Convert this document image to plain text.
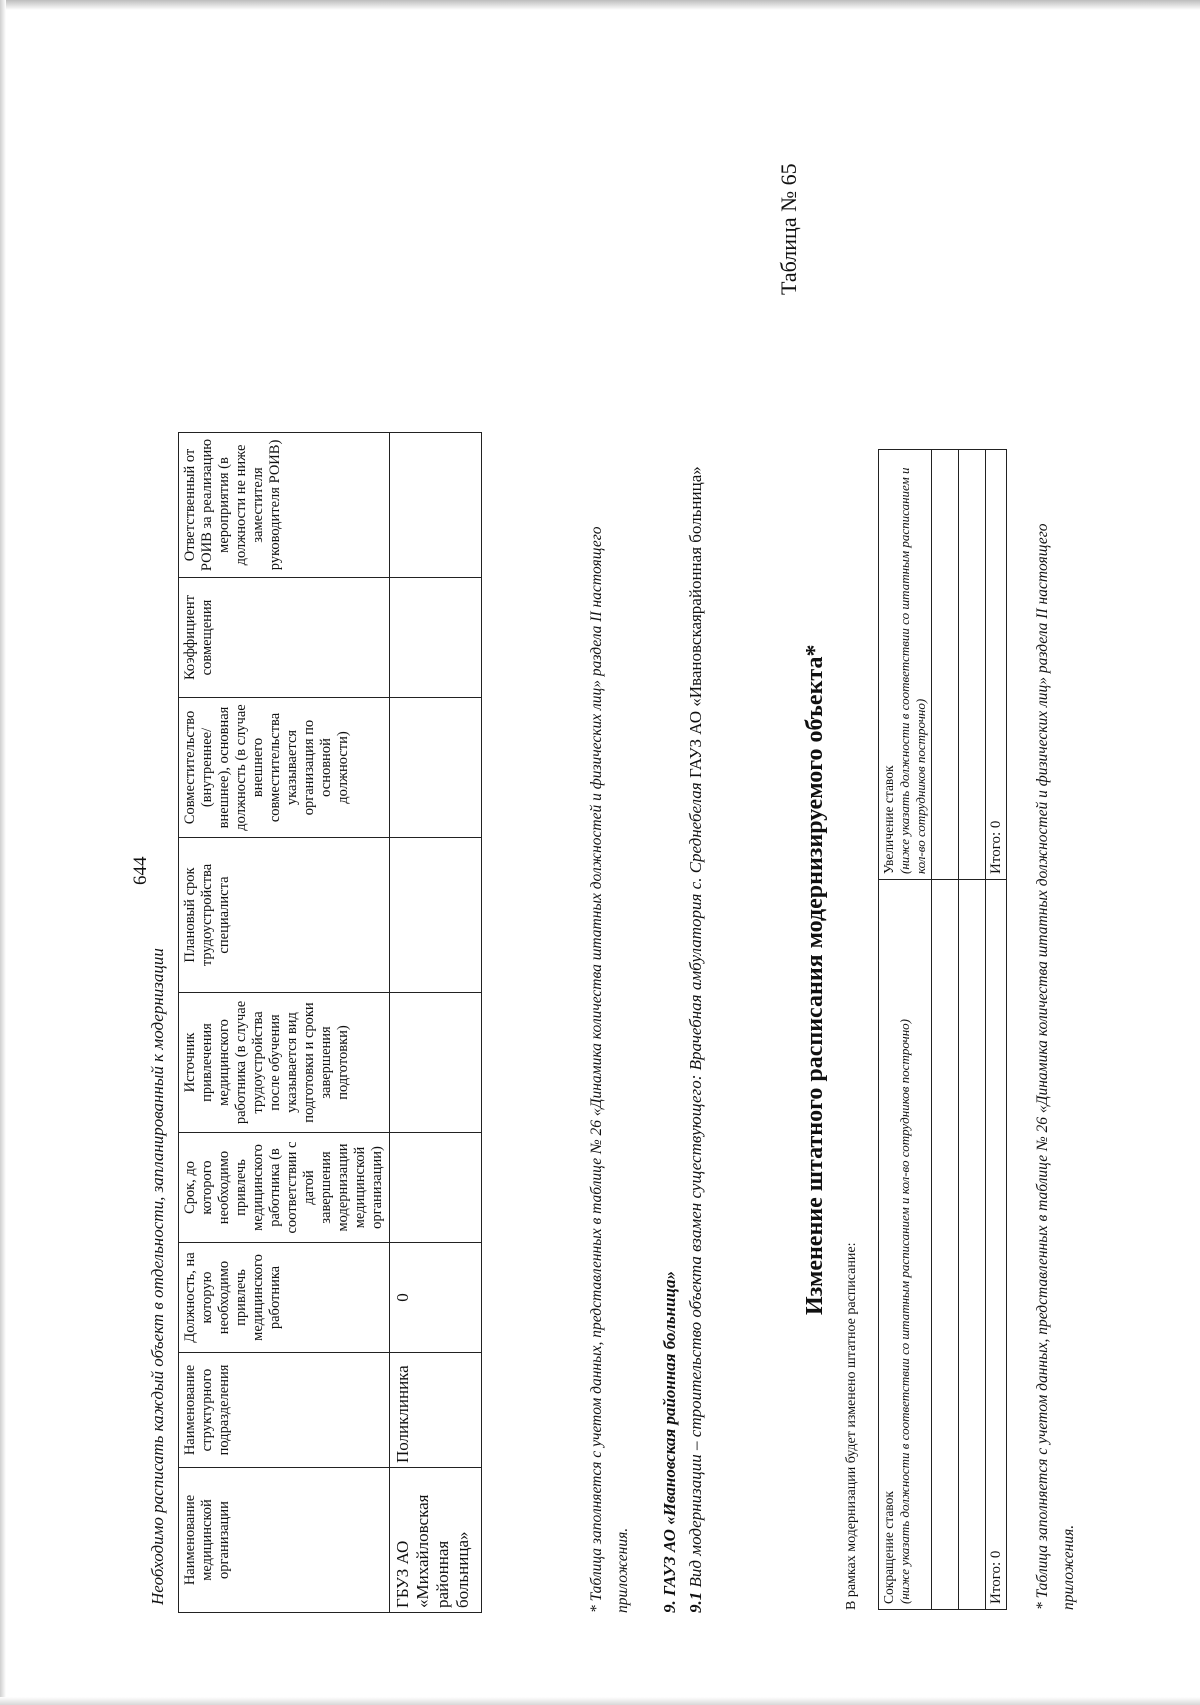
644
Необходимо расписать каждый объект в отдельности, запланированный к модернизации Наименование медицинской организации	Наименование структурного подразделения	Должность, на которую необходимо привлечь медицинского работника	Срок, до которого необходимо привлечь медицинского работника (в соответствии с датой завершения модернизации медицинской организации)	Источник привлечения медицинского работника (в случае трудоустройства после обучения указывается вид подготовки и сроки завершения подготовки)	Плановый срок трудоустройства специалиста	Совместительство (внутреннее/внешнее), основная должность (в случае внешнего совместительства указывается организация по основной должности)	Коэффициент совмещения	Ответственный от РОИВ за реализацию мероприятия (в должности не ниже заместителя руководителя РОИВ)
ГБУЗ АО «Михайловская районная больница»	Поликлиника	0							* Таблица заполняется с учетом данных, представленных в таблице № 26 «Динамика количества штатных должностей и физических лиц» раздела II настоящего приложения. 9. ГАУЗ АО «Ивановская районная больница» 9.1 Вид модернизации – строительство объекта взамен существующего: Врачебная амбулатория с. Среднебелая ГАУЗ АО «Ивановскаярайонная больница»
Таблица № 65
Изменение штатного расписания модернизируемого объекта*
В рамках модернизации будет изменено штатное расписание: Сокращение ставок (ниже указать должности в соответствии со штатным расписанием и кол-во сотрудников построчно)	Увеличение ставок (ниже указать должности в соответствии со штатным расписанием и кол-во сотрудников построчно)

Итого: 0	Итого: 0 * Таблица заполняется с учетом данных, представленных в таблице № 26 «Динамика количества штатных должностей и физических лиц» раздела II настоящего приложения.
